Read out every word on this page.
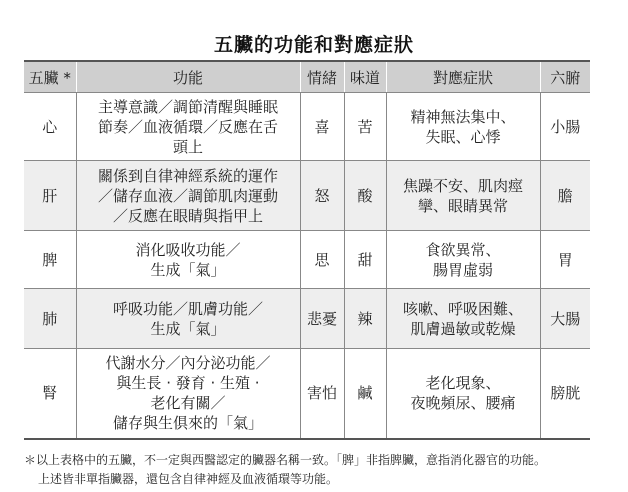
五臟的功能和對應症狀
五臟 *	功能	情緒	味道	對應症狀	六腑
心	主導意識／調節清醒與睡眠
節奏／血液循環／反應在舌
頭上	喜	苦	精神無法集中、
失眠、心悸	小腸
肝	關係到自律神經系統的運作
／儲存血液／調節肌肉運動
／反應在眼睛與指甲上	怒	酸	焦躁不安、肌肉痙
攣、眼睛異常	膽
脾	消化吸收功能／
生成「氣」	思	甜	食欲異常、
腸胃虛弱	胃
肺	呼吸功能／肌膚功能／
生成「氣」	悲憂	辣	咳嗽、呼吸困難、
肌膚過敏或乾燥	大腸
腎	代謝水分／內分泌功能／
與生長 ‧ 發育 ‧ 生殖 ‧
老化有關／
儲存與生俱來的「氣」	害怕	鹹	老化現象、
夜晚頻尿、腰痛	膀胱
＊以上表格中的五臟，不一定與西醫認定的臟器名稱一致。「脾」非指脾臟，意指消化器官的功能。
上述皆非單指臟器，還包含自律神經及血液循環等功能。
